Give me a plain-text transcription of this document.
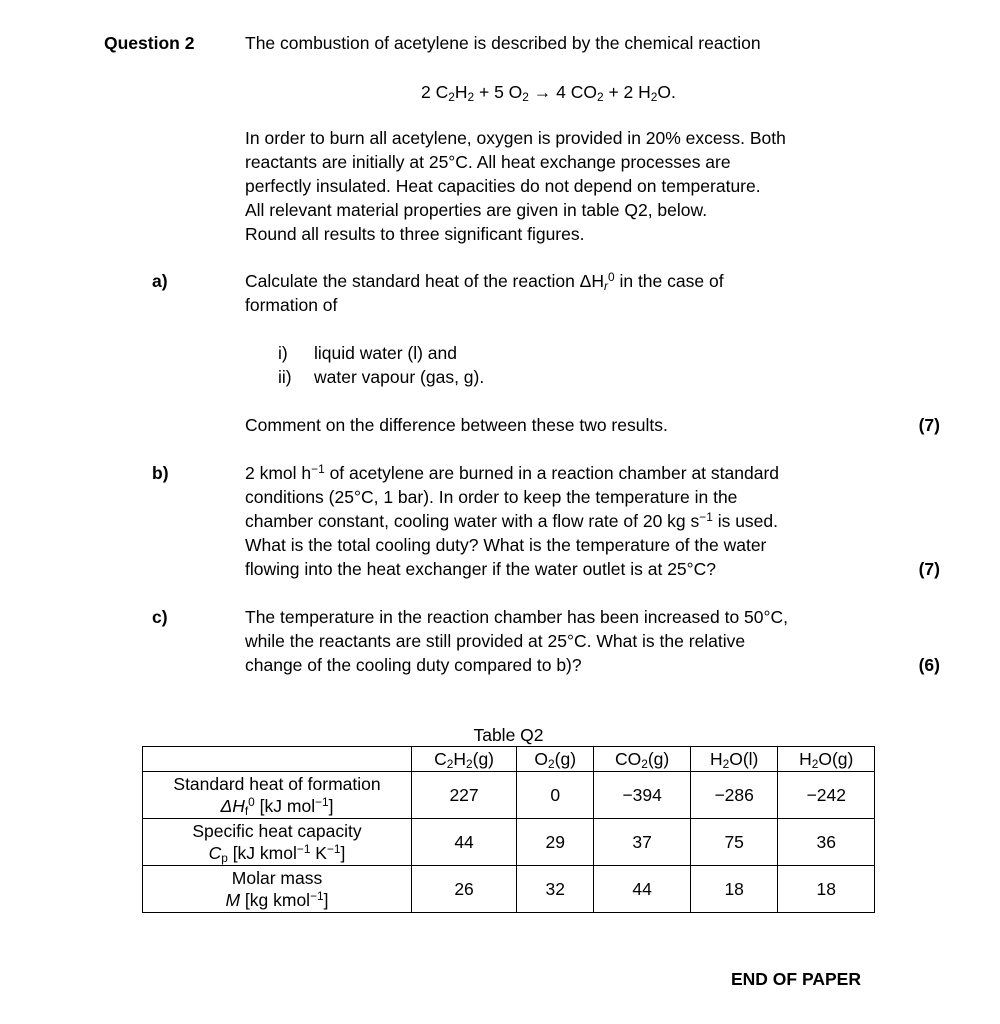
Question 2	The combustion of acetylene is described by the chemical reaction
2 $C_2H_2 + 5$ $O_2 \to 4$ $CO_2 + 2$ $H_2O$.

In order to burn all acetylene, oxygen is provided in 20% excess. Both

reactants are initially at 25°C. All heat exchange processes are

perfectly insulated. Heat capacities do not depend on temperature.

All relevant material properties are given in table Q2, below.

Round all results to three significant figures.

a)	Calculate the standard heat of the reaction $\Delta H_r^0$ in the case of

formation of

i) liquid water (l) and

ii) water vapour (gas, g).

Comment on the difference between these two results.	(7)
b)	2 kmol $h^{-1}$ of acetylene are burned in a reaction chamber at standard

conditions (25°C, 1 bar). In order to keep the temperature in the

chamber constant, cooling water with a flow rate of 20 kg $s^{-1}$ is used.

What is the total cooling duty? What is the temperature of the water

flowing into the heat exchanger if the water outlet is at 25°C?	(7)
c)	The temperature in the reaction chamber has been increased to 50°C,

while the reactants are still provided at 25°C. What is the relative

change of the cooling duty compared to b)?	(6)
Table Q2
	$C_2H_2(g)$	$O_2(g)$	$CO_2(g)$	$H_2O(l)$	$H_2O(g)$

Standard heat of formation
$\Delta H_f^0$ [kJ mol$^{-1}$]	227	0	−394	−286	−242

Specific heat capacity
$C_p$ [kJ kmol$^{-1}$ $K^{-1}$]	44	29	37	75	36

Molar mass
M [kg kmol$^{-1}$]	26	32	44	18	18
END OF PAPER
